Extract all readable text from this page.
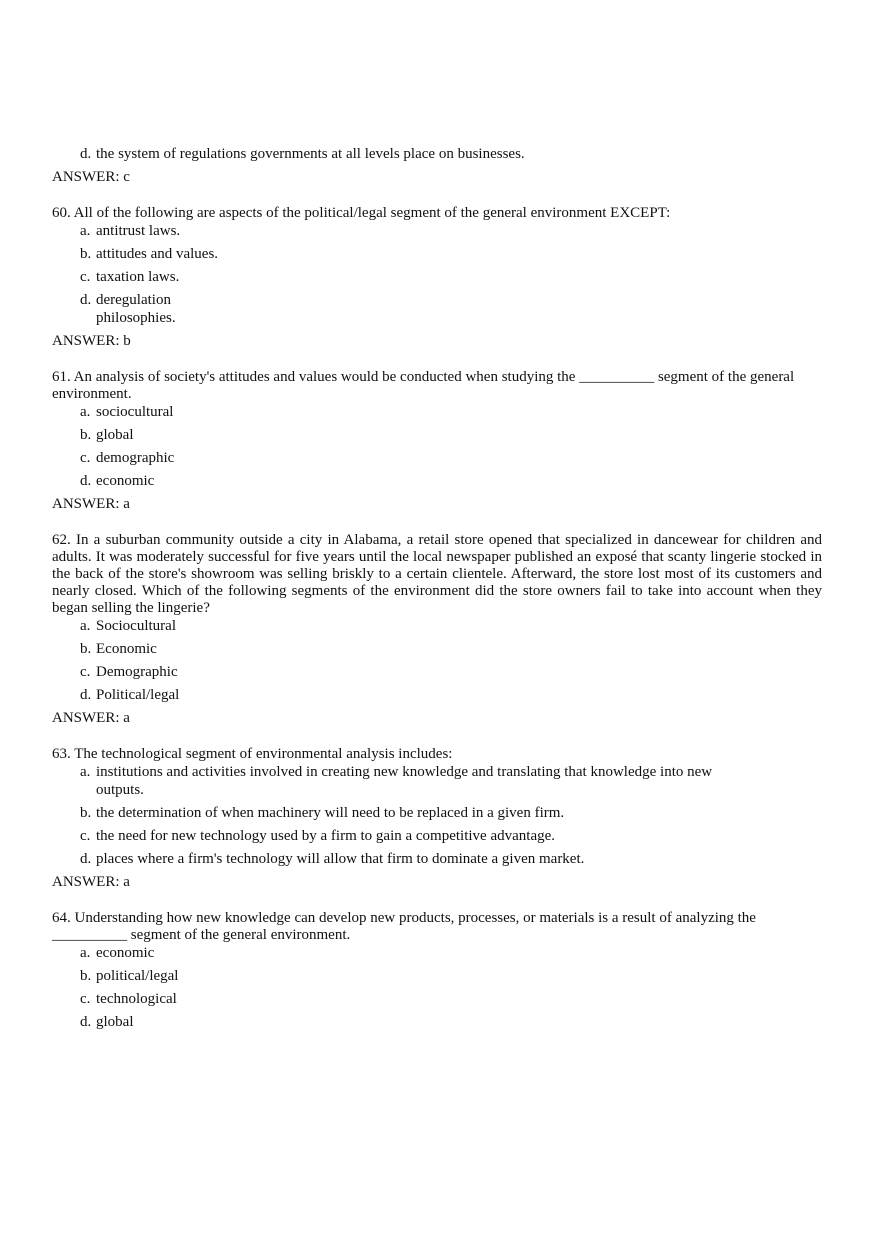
d. the system of regulations governments at all levels place on businesses.
ANSWER: c
60. All of the following are aspects of the political/legal segment of the general environment EXCEPT:
a. antitrust laws.
b. attitudes and values.
c. taxation laws.
d. deregulation philosophies.
ANSWER: b
61. An analysis of society's attitudes and values would be conducted when studying the __________ segment of the general environment.
a. sociocultural
b. global
c. demographic
d. economic
ANSWER: a
62. In a suburban community outside a city in Alabama, a retail store opened that specialized in dancewear for children and adults. It was moderately successful for five years until the local newspaper published an exposé that scanty lingerie stocked in the back of the store's showroom was selling briskly to a certain clientele. Afterward, the store lost most of its customers and nearly closed. Which of the following segments of the environment did the store owners fail to take into account when they began selling the lingerie?
a. Sociocultural
b. Economic
c. Demographic
d. Political/legal
ANSWER: a
63. The technological segment of environmental analysis includes:
a. institutions and activities involved in creating new knowledge and translating that knowledge into new outputs.
b. the determination of when machinery will need to be replaced in a given firm.
c. the need for new technology used by a firm to gain a competitive advantage.
d. places where a firm's technology will allow that firm to dominate a given market.
ANSWER: a
64. Understanding how new knowledge can develop new products, processes, or materials is a result of analyzing the __________ segment of the general environment.
a. economic
b. political/legal
c. technological
d. global
